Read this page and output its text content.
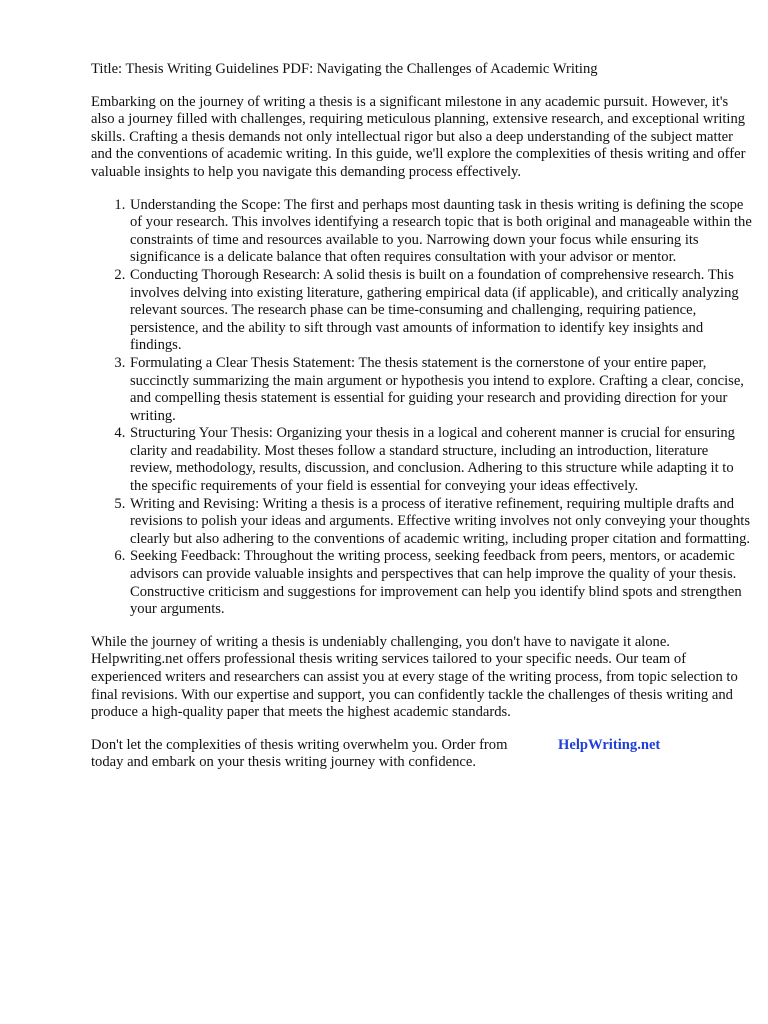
Title: Thesis Writing Guidelines PDF: Navigating the Challenges of Academic Writing

Embarking on the journey of writing a thesis is a significant milestone in any academic pursuit. However, it's also a journey filled with challenges, requiring meticulous planning, extensive research, and exceptional writing skills. Crafting a thesis demands not only intellectual rigor but also a deep understanding of the subject matter and the conventions of academic writing. In this guide, we'll explore the complexities of thesis writing and offer valuable insights to help you navigate this demanding process effectively.

1. Understanding the Scope: The first and perhaps most daunting task in thesis writing is defining the scope of your research. This involves identifying a research topic that is both original and manageable within the constraints of time and resources available to you. Narrowing down your focus while ensuring its significance is a delicate balance that often requires consultation with your advisor or mentor.
2. Conducting Thorough Research: A solid thesis is built on a foundation of comprehensive research. This involves delving into existing literature, gathering empirical data (if applicable), and critically analyzing relevant sources. The research phase can be time-consuming and challenging, requiring patience, persistence, and the ability to sift through vast amounts of information to identify key insights and findings.
3. Formulating a Clear Thesis Statement: The thesis statement is the cornerstone of your entire paper, succinctly summarizing the main argument or hypothesis you intend to explore. Crafting a clear, concise, and compelling thesis statement is essential for guiding your research and providing direction for your writing.
4. Structuring Your Thesis: Organizing your thesis in a logical and coherent manner is crucial for ensuring clarity and readability. Most theses follow a standard structure, including an introduction, literature review, methodology, results, discussion, and conclusion. Adhering to this structure while adapting it to the specific requirements of your field is essential for conveying your ideas effectively.
5. Writing and Revising: Writing a thesis is a process of iterative refinement, requiring multiple drafts and revisions to polish your ideas and arguments. Effective writing involves not only conveying your thoughts clearly but also adhering to the conventions of academic writing, including proper citation and formatting.
6. Seeking Feedback: Throughout the writing process, seeking feedback from peers, mentors, or academic advisors can provide valuable insights and perspectives that can help improve the quality of your thesis. Constructive criticism and suggestions for improvement can help you identify blind spots and strengthen your arguments.

While the journey of writing a thesis is undeniably challenging, you don't have to navigate it alone. Helpwriting.net offers professional thesis writing services tailored to your specific needs. Our team of experienced writers and researchers can assist you at every stage of the writing process, from topic selection to final revisions. With our expertise and support, you can confidently tackle the challenges of thesis writing and produce a high-quality paper that meets the highest academic standards.

Don't let the complexities of thesis writing overwhelm you. Order from
today and embark on your thesis writing journey with confidence.
HelpWriting.net
